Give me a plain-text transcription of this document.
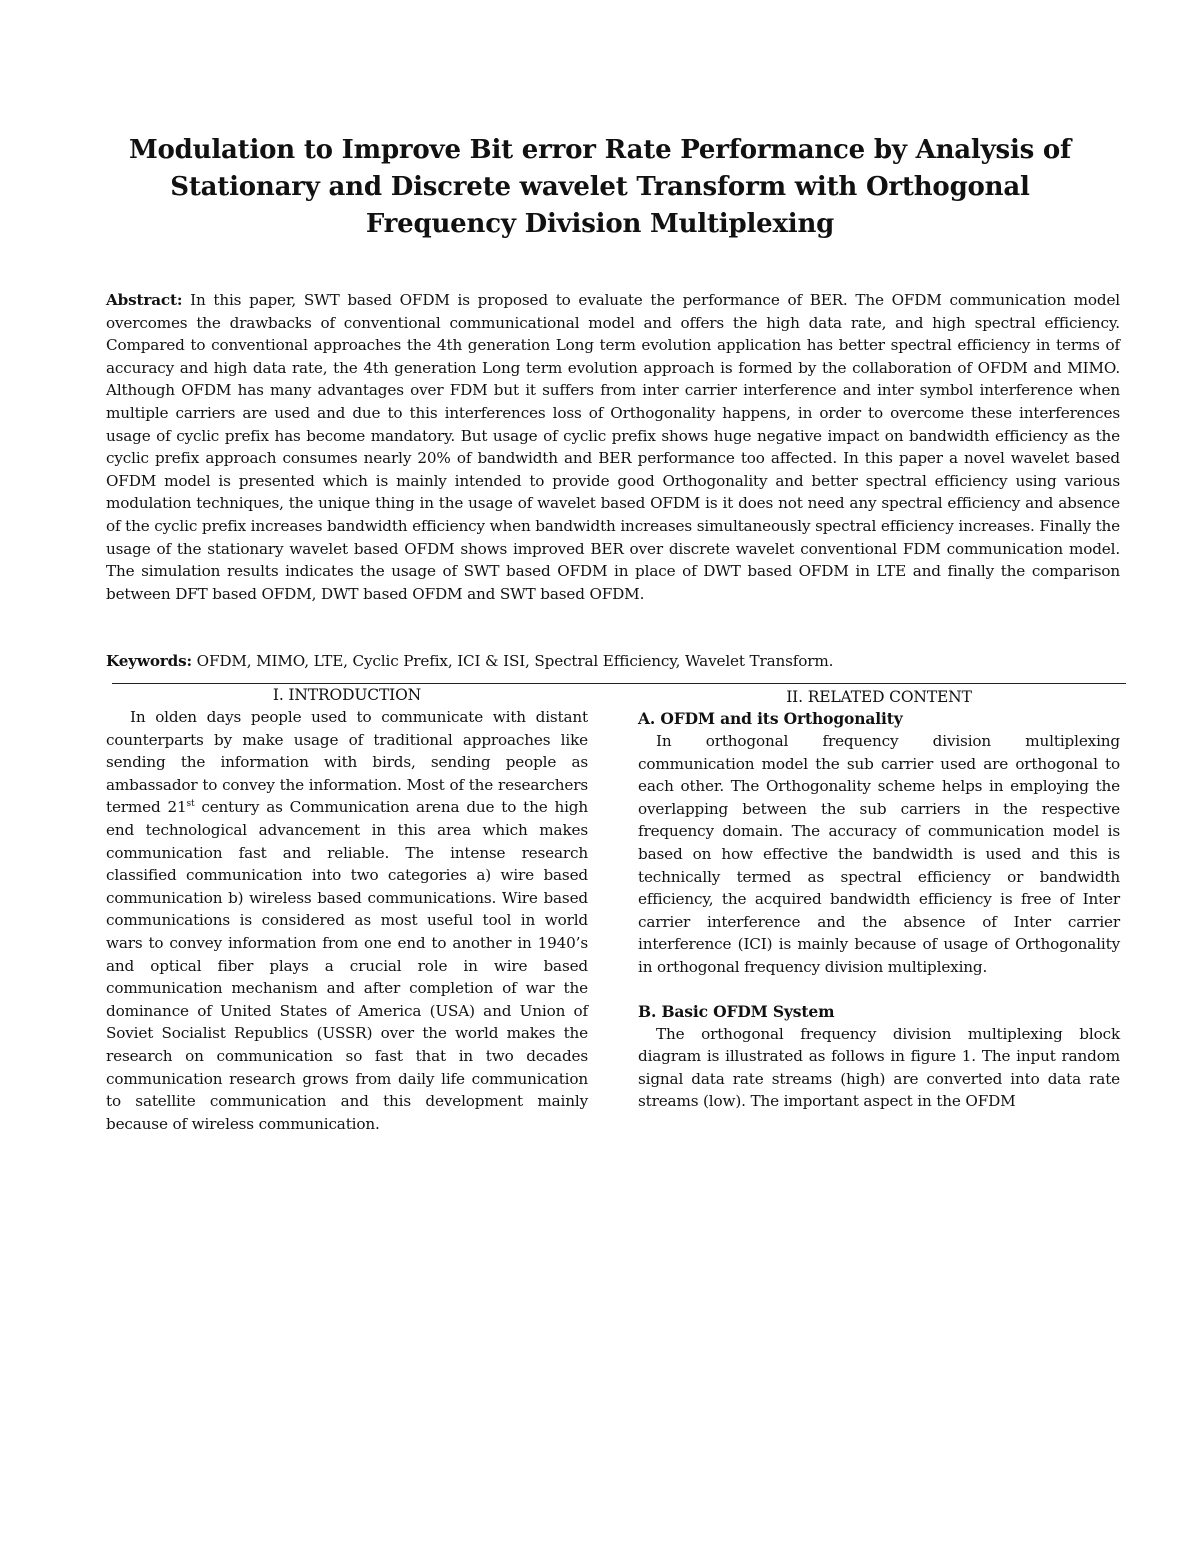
Modulation to Improve Bit error Rate Performance by Analysis of Stationary and Discrete wavelet Transform with Orthogonal Frequency Division Multiplexing

Abstract: In this paper, SWT based OFDM is proposed to evaluate the performance of BER. The OFDM communication model overcomes the drawbacks of conventional communicational model and offers the high data rate, and high spectral efficiency. Compared to conventional approaches the 4th generation Long term evolution application has better spectral efficiency in terms of accuracy and high data rate, the 4th generation Long term evolution approach is formed by the collaboration of OFDM and MIMO. Although OFDM has many advantages over FDM but it suffers from inter carrier interference and inter symbol interference when multiple carriers are used and due to this interferences loss of Orthogonality happens, in order to overcome these interferences usage of cyclic prefix has become mandatory. But usage of cyclic prefix shows huge negative impact on bandwidth efficiency as the cyclic prefix approach consumes nearly 20% of bandwidth and BER performance too affected. In this paper a novel wavelet based OFDM model is presented which is mainly intended to provide good Orthogonality and better spectral efficiency using various modulation techniques, the unique thing in the usage of wavelet based OFDM is it does not need any spectral efficiency and absence of the cyclic prefix increases bandwidth efficiency when bandwidth increases simultaneously spectral efficiency increases. Finally the usage of the stationary wavelet based OFDM shows improved BER over discrete wavelet conventional FDM communication model. The simulation results indicates the usage of SWT based OFDM in place of DWT based OFDM in LTE and finally the comparison between DFT based OFDM, DWT based OFDM and SWT based OFDM.

Keywords: OFDM, MIMO, LTE, Cyclic Prefix, ICI & ISI, Spectral Efficiency, Wavelet Transform.

I. INTRODUCTION

In olden days people used to communicate with distant counterparts by make usage of traditional approaches like sending the information with birds, sending people as ambassador to convey the information. Most of the researchers termed 21st century as Communication arena due to the high end technological advancement in this area which makes communication fast and reliable. The intense research classified communication into two categories a) wire based communication b) wireless based communications. Wire based communications is considered as most useful tool in world wars to convey information from one end to another in 1940’s and optical fiber plays a crucial role in wire based communication mechanism and after completion of war the dominance of United States of America (USA) and Union of Soviet Socialist Republics (USSR) over the world makes the research on communication so fast that in two decades communication research grows from daily life communication to satellite communication and this development mainly because of wireless communication.

II. RELATED CONTENT
A. OFDM and its Orthogonality

In orthogonal frequency division multiplexing communication model the sub carrier used are orthogonal to each other. The Orthogonality scheme helps in employing the overlapping between the sub carriers in the respective frequency domain. The accuracy of communication model is based on how effective the bandwidth is used and this is technically termed as spectral efficiency or bandwidth efficiency, the acquired bandwidth efficiency is free of Inter carrier interference and the absence of Inter carrier interference (ICI) is mainly because of usage of Orthogonality in orthogonal frequency division multiplexing.

B. Basic OFDM System

The orthogonal frequency division multiplexing block diagram is illustrated as follows in figure 1. The input random signal data rate streams (high) are converted into data rate streams (low). The important aspect in the OFDM
